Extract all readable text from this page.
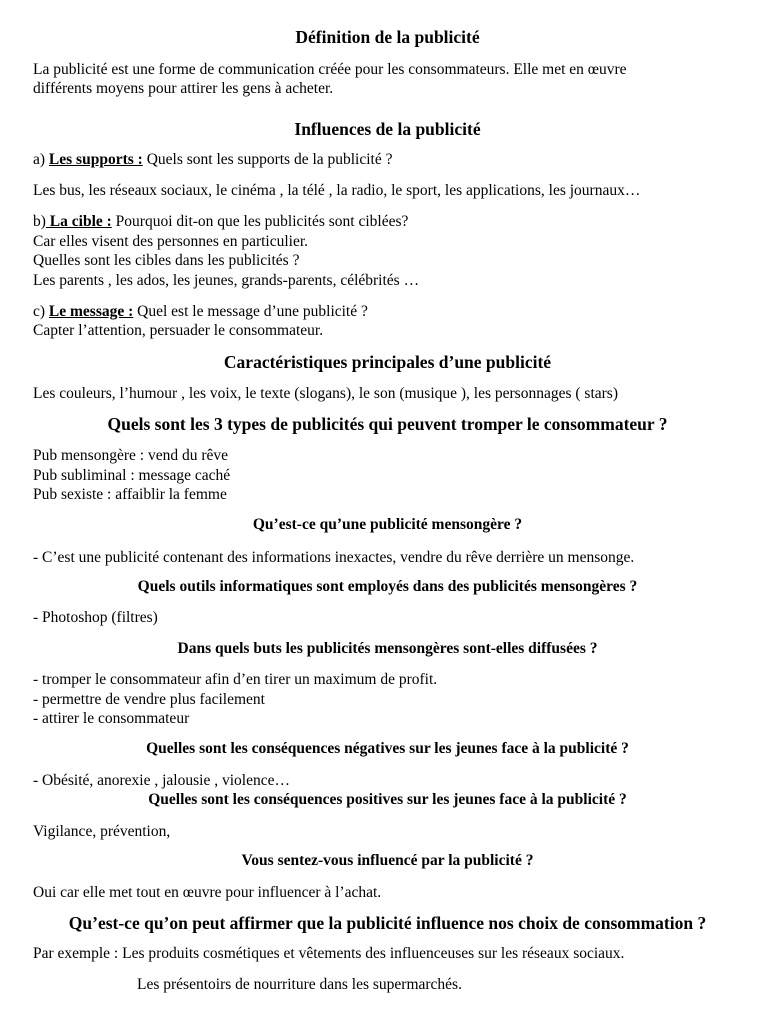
Définition de la publicité

La publicité est une forme de communication créée pour les consommateurs. Elle met en œuvre

différents moyens pour attirer les gens à acheter.

Influences de la publicité

a) Les supports : Quels sont les supports de la publicité ?

Les bus, les réseaux sociaux, le cinéma , la télé , la radio, le sport, les applications, les journaux…

b) La cible : Pourquoi dit-on que les publicités sont ciblées?

Car elles visent des personnes en particulier.

Quelles sont les cibles dans les publicités ?

Les parents , les ados, les jeunes, grands-parents, célébrités …

c) Le message : Quel est le message d’une publicité ?

Capter l’attention, persuader le consommateur.

Caractéristiques principales d’une publicité

Les couleurs, l’humour , les voix, le texte (slogans), le son (musique ), les personnages ( stars)

Quels sont les 3 types de publicités qui peuvent tromper le consommateur ?

Pub mensongère : vend du rêve

Pub subliminal : message caché

Pub sexiste : affaiblir la femme

Qu’est-ce qu’une publicité mensongère ?

- C’est une publicité contenant des informations inexactes, vendre du rêve derrière un mensonge.

Quels outils informatiques sont employés dans des publicités mensongères ?

- Photoshop (filtres)

Dans quels buts les publicités mensongères sont-elles diffusées ?

- tromper le consommateur afin d’en tirer un maximum de profit.

- permettre de vendre plus facilement

- attirer le consommateur

Quelles sont les conséquences négatives sur les jeunes face à la publicité ?

- Obésité, anorexie , jalousie , violence…

Quelles sont les conséquences positives sur les jeunes face à la publicité ?

Vigilance, prévention,

Vous sentez-vous influencé par la publicité ?

Oui car elle met tout en œuvre pour influencer à l’achat.

Qu’est-ce qu’on peut affirmer que la publicité influence nos choix de consommation ?

Par exemple : Les produits cosmétiques et vêtements des influenceuses sur les réseaux sociaux.

Les présentoirs de nourriture dans les supermarchés.
